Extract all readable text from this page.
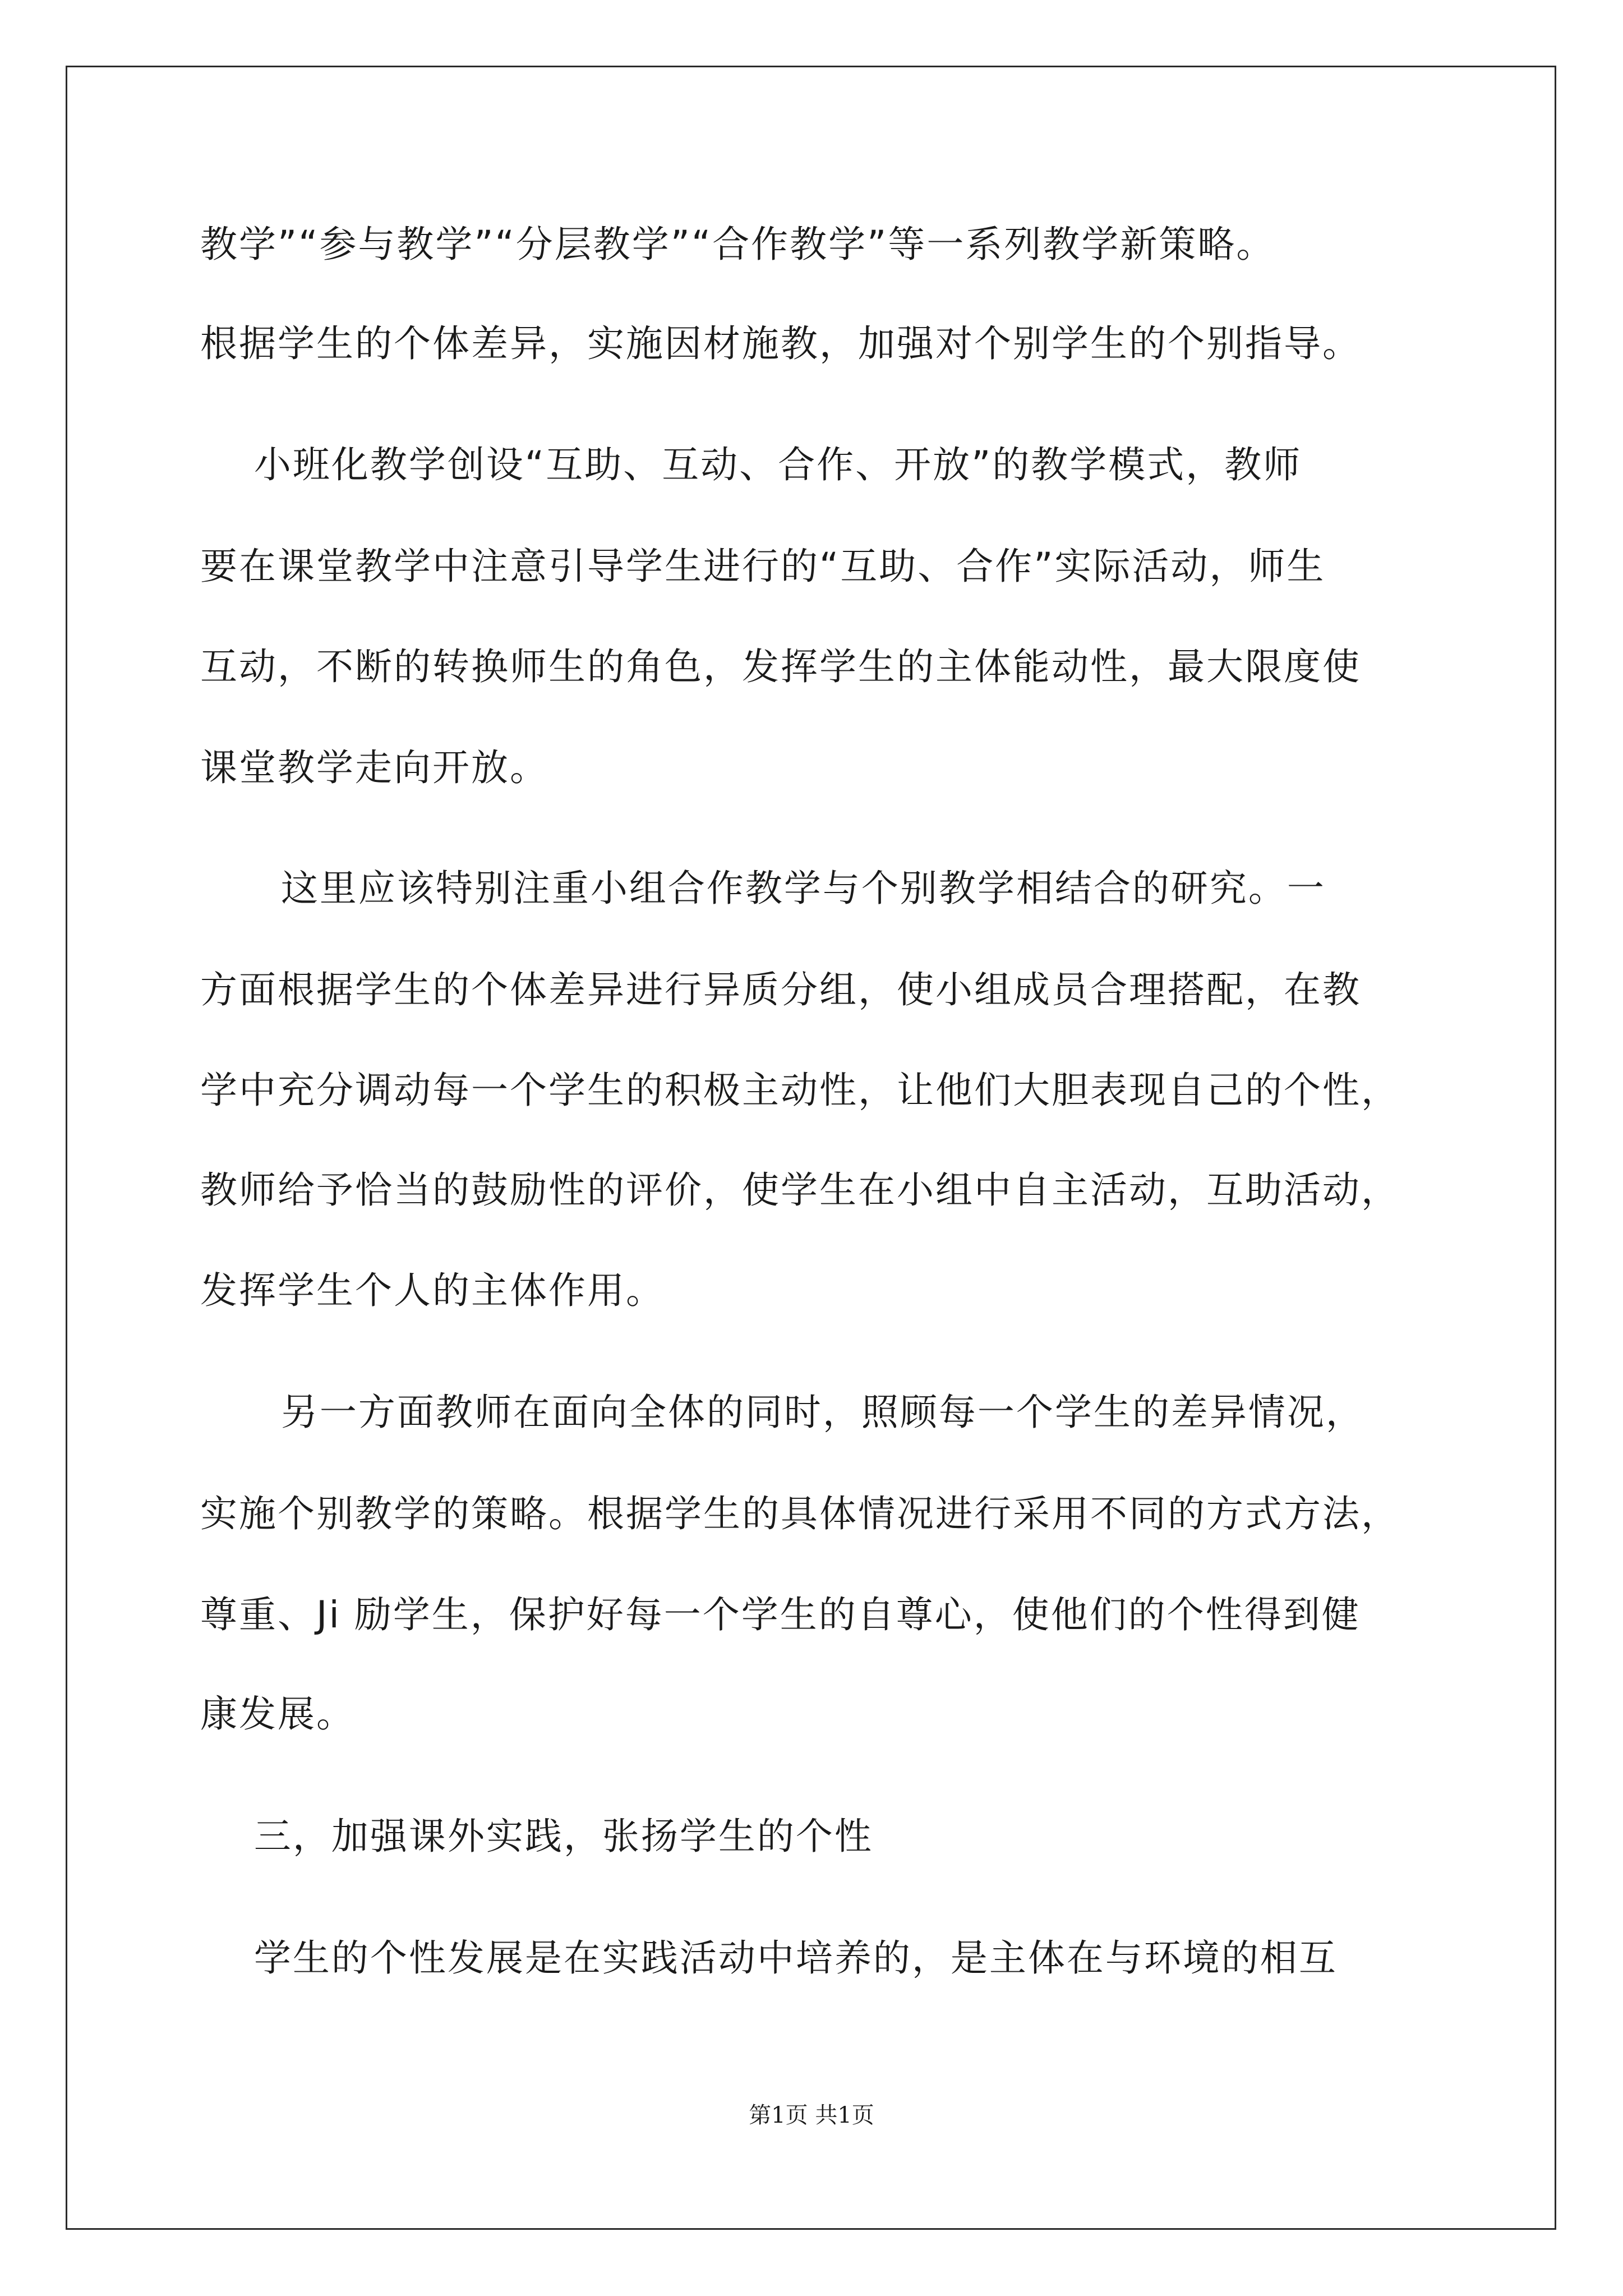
教学”“参与教学”“分层教学”“合作教学”等一系列教学新策略。
根据学生的个体差异，实施因材施教，加强对个别学生的个别指导。
小班化教学创设“互助、互动、合作、开放”的教学模式，教师
要在课堂教学中注意引导学生进行的“互助、合作”实际活动，师生
互动，不断的转换师生的角色，发挥学生的主体能动性，最大限度使
课堂教学走向开放。
这里应该特别注重小组合作教学与个别教学相结合的研究。一
方面根据学生的个体差异进行异质分组，使小组成员合理搭配，在教
学中充分调动每一个学生的积极主动性，让他们大胆表现自己的个性，
教师给予恰当的鼓励性的评价，使学生在小组中自主活动，互助活动，
发挥学生个人的主体作用。
另一方面教师在面向全体的同时，照顾每一个学生的差异情况，
实施个别教学的策略。根据学生的具体情况进行采用不同的方式方法，
尊重、Ji 励学生，保护好每一个学生的自尊心，使他们的个性得到健
康发展。
三，加强课外实践，张扬学生的个性
学生的个性发展是在实践活动中培养的，是主体在与环境的相互
第1页 共1页
